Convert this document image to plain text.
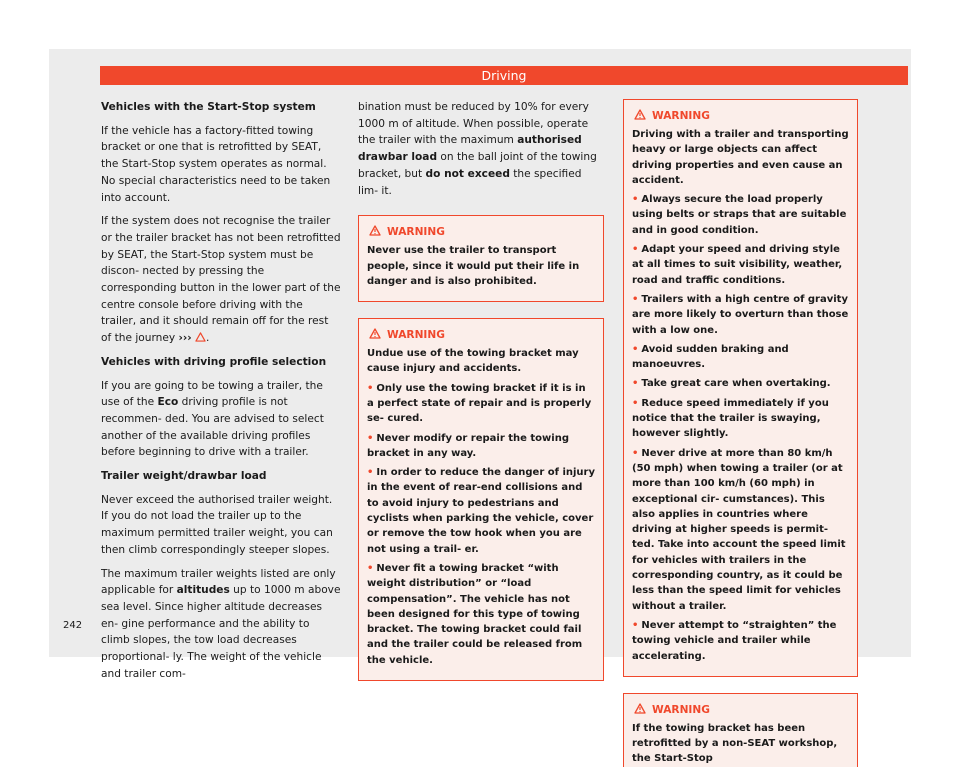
Driving

Vehicles with the Start-Stop system

If the vehicle has a factory-fitted towing bracket or one that is retrofitted by SEAT, the Start-Stop system operates as normal. No special characteristics need to be taken into account.

If the system does not recognise the trailer or the trailer bracket has not been retrofitted by SEAT, the Start-Stop system must be discon- nected by pressing the corresponding button in the lower part of the centre console before driving with the trailer, and it should remain off for the rest of the journey ››› .

Vehicles with driving profile selection

If you are going to be towing a trailer, the use of the Eco driving profile is not recommen- ded. You are advised to select another of the available driving profiles before beginning to drive with a trailer.

Trailer weight/drawbar load

Never exceed the authorised trailer weight. If you do not load the trailer up to the maximum permitted trailer weight, you can then climb correspondingly steeper slopes.

The maximum trailer weights listed are only applicable for altitudes up to 1000 m above sea level. Since higher altitude decreases en- gine performance and the ability to climb slopes, the tow load decreases proportional- ly. The weight of the vehicle and trailer com-

bination must be reduced by 10% for every 1000 m of altitude. When possible, operate the trailer with the maximum authorised drawbar load on the ball joint of the towing bracket, but do not exceed the specified lim- it.

WARNING

Never use the trailer to transport people, since it would put their life in danger and is also prohibited.

WARNING

Undue use of the towing bracket may cause injury and accidents.

• Only use the towing bracket if it is in a perfect state of repair and is properly se- cured.

• Never modify or repair the towing bracket in any way.

• In order to reduce the danger of injury in the event of rear-end collisions and to avoid injury to pedestrians and cyclists when parking the vehicle, cover or remove the tow hook when you are not using a trail- er.

• Never fit a towing bracket “with weight distribution” or “load compensation”. The vehicle has not been designed for this type of towing bracket. The towing bracket could fail and the trailer could be released from the vehicle.

WARNING

Driving with a trailer and transporting heavy or large objects can affect driving properties and even cause an accident.

• Always secure the load properly using belts or straps that are suitable and in good condition.

• Adapt your speed and driving style at all times to suit visibility, weather, road and traffic conditions.

• Trailers with a high centre of gravity are more likely to overturn than those with a low one.

• Avoid sudden braking and manoeuvres.

• Take great care when overtaking.

• Reduce speed immediately if you notice that the trailer is swaying, however slightly.

• Never drive at more than 80 km/h (50 mph) when towing a trailer (or at more than 100 km/h (60 mph) in exceptional cir- cumstances). This also applies in countries where driving at higher speeds is permit- ted. Take into account the speed limit for vehicles with trailers in the corresponding country, as it could be less than the speed limit for vehicles without a trailer.

• Never attempt to “straighten” the towing vehicle and trailer while accelerating.

WARNING

If the towing bracket has been retrofitted by a non-SEAT workshop, the Start-Stop

242
